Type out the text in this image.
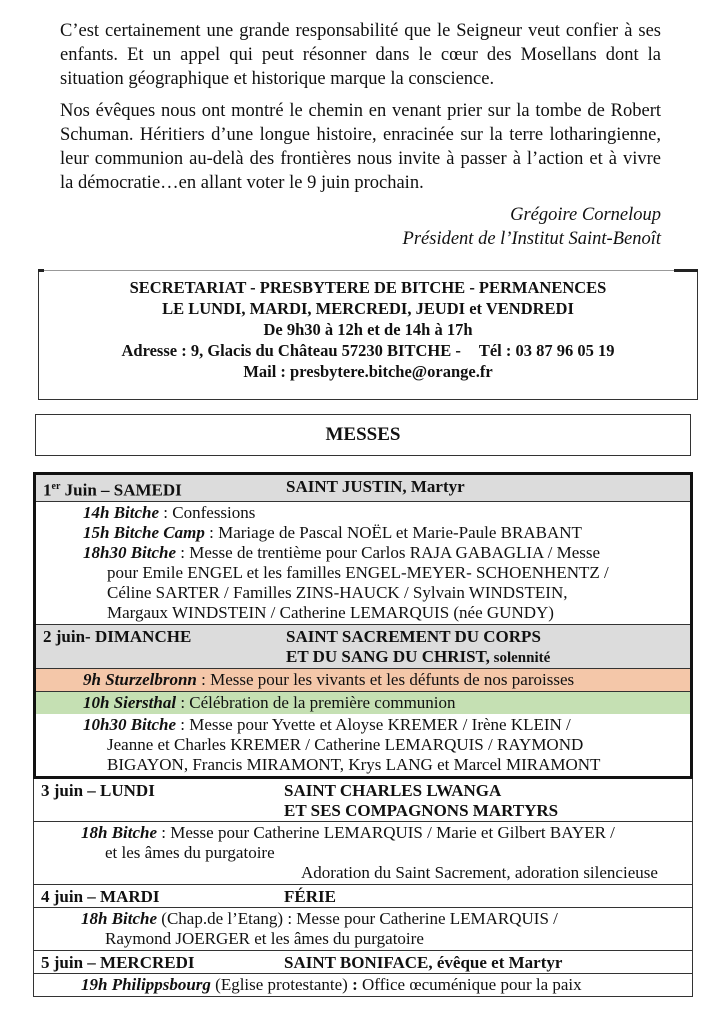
C’est certainement une grande responsabilité que le Seigneur veut confier à ses enfants. Et un appel qui peut résonner dans le cœur des Mosellans dont la situation géographique et historique marque la conscience.

Nos évêques nous ont montré le chemin en venant prier sur la tombe de Robert Schuman. Héritiers d’une longue histoire, enracinée sur la terre lotharingienne, leur communion au-delà des frontières nous invite à passer à l’action et à vivre la démocratie…en allant voter le 9 juin prochain.

Grégoire Corneloup

Président de l’Institut Saint-Benoît

SECRETARIAT - PRESBYTERE DE BITCHE - PERMANENCES
LE LUNDI, MARDI, MERCREDI, JEUDI et VENDREDI
De 9h30 à 12h et de 14h à 17h
Adresse : 9, Glacis du Château 57230 BITCHE - Tél : 03 87 96 05 19
Mail : presbytere.bitche@orange.fr
MESSES
1er Juin – SAMEDI	SAINT JUSTIN, Martyr
14h Bitche : Confessions
15h Bitche Camp : Mariage de Pascal NOËL et Marie-Paule BRABANT
18h30 Bitche : Messe de trentième pour Carlos RAJA GABAGLIA / Messe
pour Emile ENGEL et les familles ENGEL-MEYER- SCHOENHENTZ /
Céline SARTER / Familles ZINS-HAUCK / Sylvain WINDSTEIN,
Margaux WINDSTEIN / Catherine LEMARQUIS (née GUNDY)
2 juin- DIMANCHE	SAINT SACREMENT DU CORPS
ET DU SANG DU CHRIST, solennité
9h Sturzelbronn : Messe pour les vivants et les défunts de nos paroisses
10h Siersthal : Célébration de la première communion
10h30 Bitche : Messe pour Yvette et Aloyse KREMER / Irène KLEIN /
Jeanne et Charles KREMER / Catherine LEMARQUIS / RAYMOND
BIGAYON, Francis MIRAMONT, Krys LANG et Marcel MIRAMONT
3 juin – LUNDI	SAINT CHARLES LWANGA
ET SES COMPAGNONS MARTYRS
18h Bitche : Messe pour Catherine LEMARQUIS / Marie et Gilbert BAYER /
et les âmes du purgatoire
Adoration du Saint Sacrement, adoration silencieuse
4 juin – MARDI	FÉRIE
18h Bitche (Chap.de l’Etang) : Messe pour Catherine LEMARQUIS /
Raymond JOERGER et les âmes du purgatoire
5 juin – MERCREDI	SAINT BONIFACE, évêque et Martyr
19h Philippsbourg (Eglise protestante) : Office œcuménique pour la paix
